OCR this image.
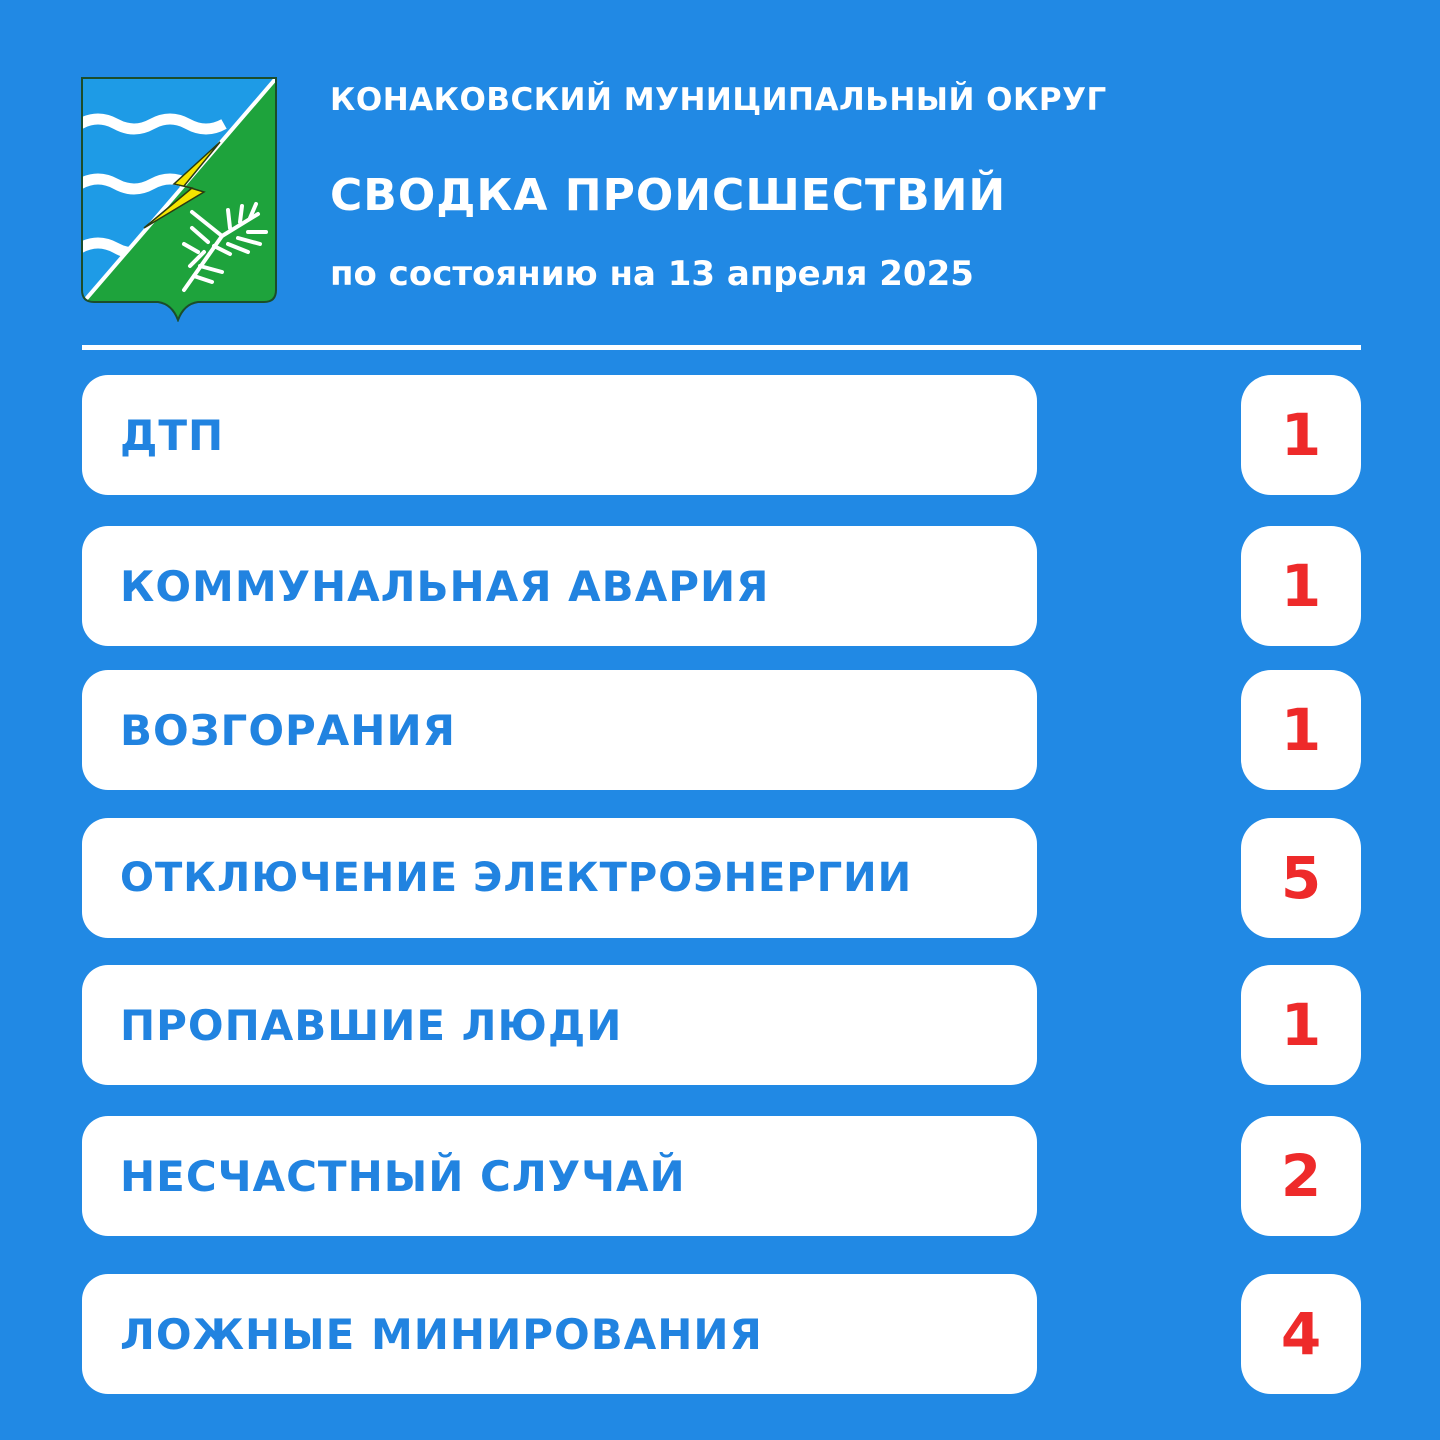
КОНАКОВСКИЙ МУНИЦИПАЛЬНЫЙ ОКРУГ
СВОДКА ПРОИСШЕСТВИЙ
по состоянию на 13 апреля 2025
ДТП	1
КОММУНАЛЬНАЯ АВАРИЯ	1
ВОЗГОРАНИЯ	1
ОТКЛЮЧЕНИЕ ЭЛЕКТРОЭНЕРГИИ	5
ПРОПАВШИЕ ЛЮДИ	1
НЕСЧАСТНЫЙ СЛУЧАЙ	2
ЛОЖНЫЕ МИНИРОВАНИЯ	4
